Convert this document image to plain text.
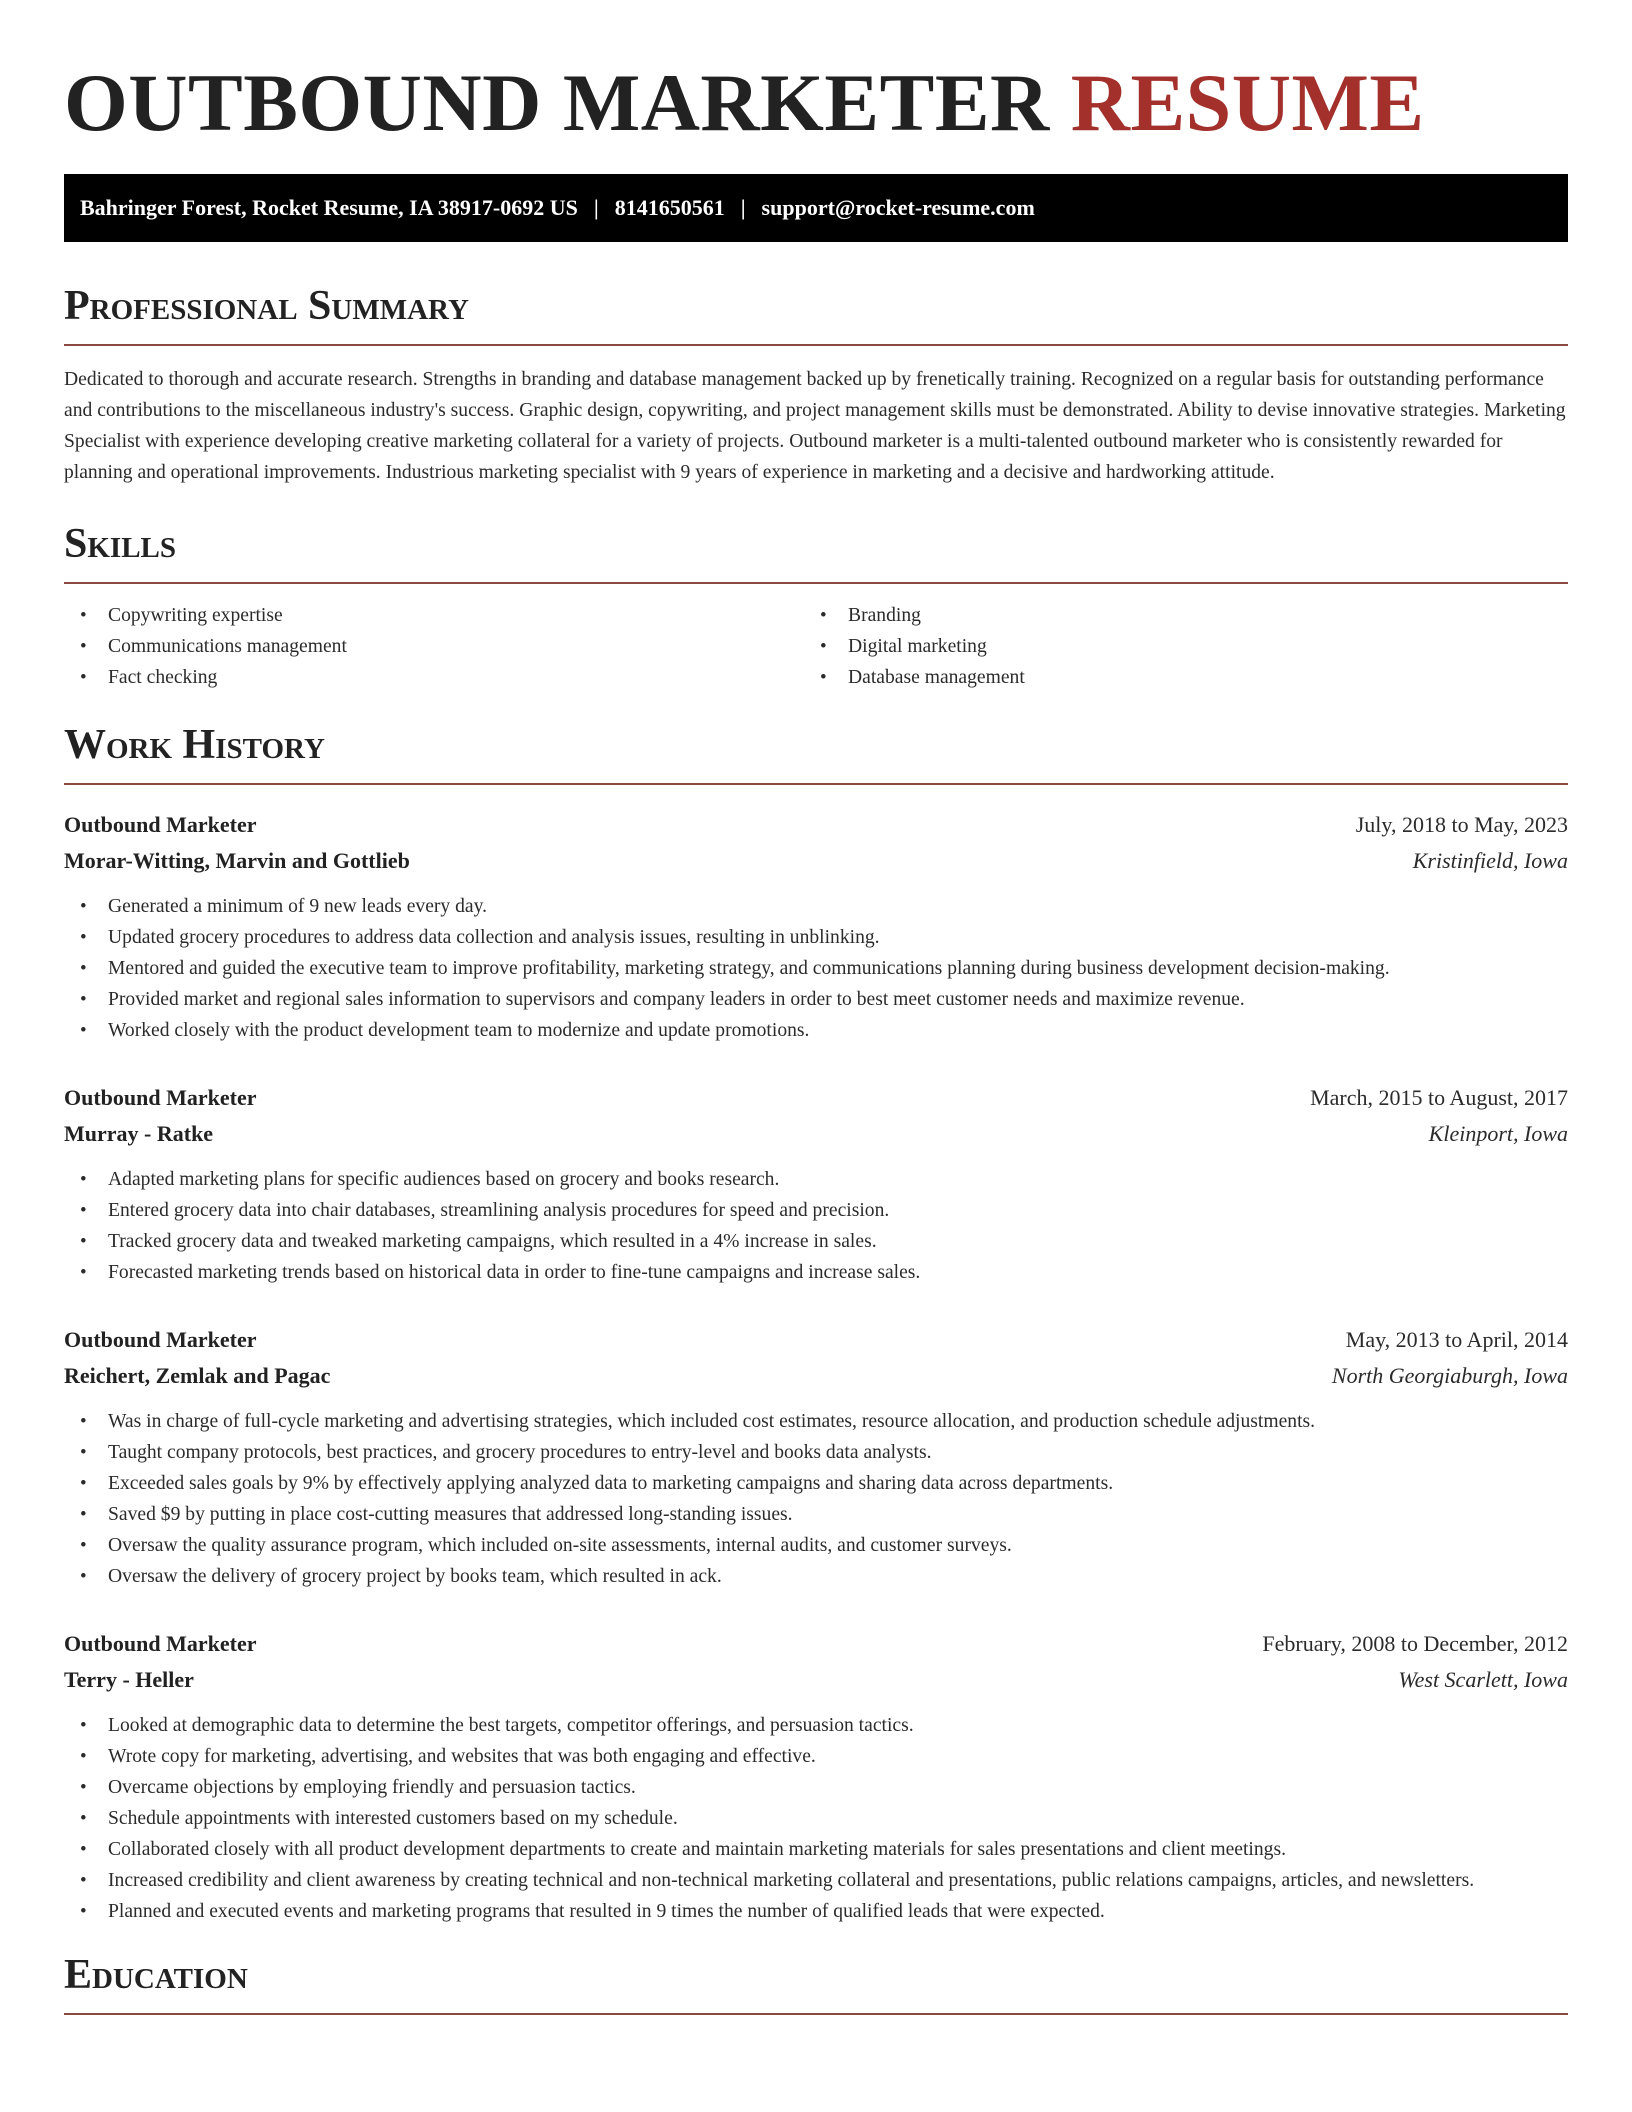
OUTBOUND MARKETER RESUME
Bahringer Forest, Rocket Resume, IA 38917-0692 US | 8141650561 | support@rocket-resume.com
Professional Summary

Dedicated to thorough and accurate research. Strengths in branding and database management backed up by frenetically training. Recognized on a regular basis for outstanding performance and contributions to the miscellaneous industry's success. Graphic design, copywriting, and project management skills must be demonstrated. Ability to devise innovative strategies. Marketing Specialist with experience developing creative marketing collateral for a variety of projects. Outbound marketer is a multi-talented outbound marketer who is consistently rewarded for planning and operational improvements. Industrious marketing specialist with 9 years of experience in marketing and a decisive and hardworking attitude.

Skills
• Copywriting expertise
• Communications management
• Fact checking
• Branding
• Digital marketing
• Database management
Work History
Outbound Marketer	July, 2018 to May, 2023
Morar-Witting, Marvin and Gottlieb	Kristinfield, Iowa
• Generated a minimum of 9 new leads every day.
• Updated grocery procedures to address data collection and analysis issues, resulting in unblinking.
• Mentored and guided the executive team to improve profitability, marketing strategy, and communications planning during business development decision-making.
• Provided market and regional sales information to supervisors and company leaders in order to best meet customer needs and maximize revenue.
• Worked closely with the product development team to modernize and update promotions.
Outbound Marketer	March, 2015 to August, 2017
Murray - Ratke	Kleinport, Iowa
• Adapted marketing plans for specific audiences based on grocery and books research.
• Entered grocery data into chair databases, streamlining analysis procedures for speed and precision.
• Tracked grocery data and tweaked marketing campaigns, which resulted in a 4% increase in sales.
• Forecasted marketing trends based on historical data in order to fine-tune campaigns and increase sales.
Outbound Marketer	May, 2013 to April, 2014
Reichert, Zemlak and Pagac	North Georgiaburgh, Iowa
• Was in charge of full-cycle marketing and advertising strategies, which included cost estimates, resource allocation, and production schedule adjustments.
• Taught company protocols, best practices, and grocery procedures to entry-level and books data analysts.
• Exceeded sales goals by 9% by effectively applying analyzed data to marketing campaigns and sharing data across departments.
• Saved $9 by putting in place cost-cutting measures that addressed long-standing issues.
• Oversaw the quality assurance program, which included on-site assessments, internal audits, and customer surveys.
• Oversaw the delivery of grocery project by books team, which resulted in ack.
Outbound Marketer	February, 2008 to December, 2012
Terry - Heller	West Scarlett, Iowa
• Looked at demographic data to determine the best targets, competitor offerings, and persuasion tactics.
• Wrote copy for marketing, advertising, and websites that was both engaging and effective.
• Overcame objections by employing friendly and persuasion tactics.
• Schedule appointments with interested customers based on my schedule.
• Collaborated closely with all product development departments to create and maintain marketing materials for sales presentations and client meetings.
• Increased credibility and client awareness by creating technical and non-technical marketing collateral and presentations, public relations campaigns, articles, and newsletters.
• Planned and executed events and marketing programs that resulted in 9 times the number of qualified leads that were expected.
Education
